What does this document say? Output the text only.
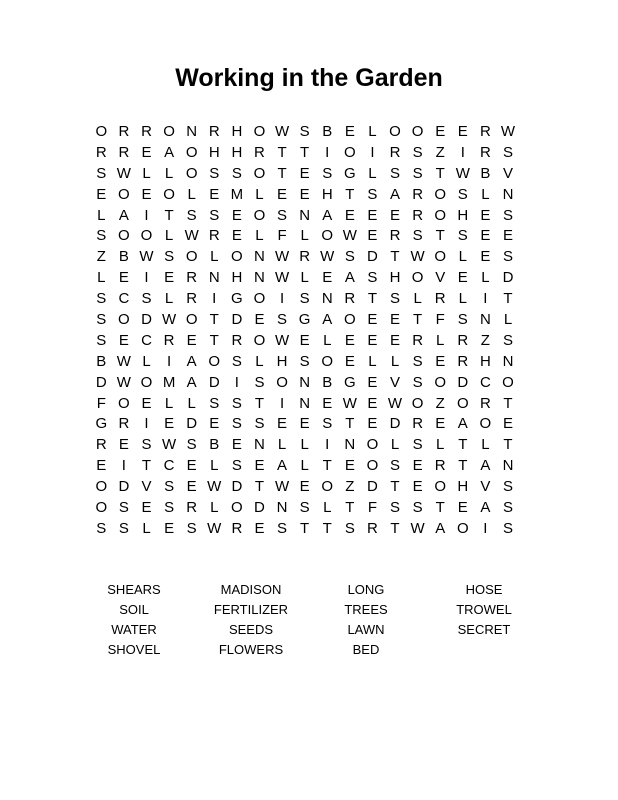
Working in the Garden
O R R O N R H O W S B E L O O E E R W
R R E A O H H R T T	I O I	R S Z	I	R S
S W L L O S S O T E S G L S S T W B V
E O E O L E M L E E H T S A R O S L N
L A	I	T S S E O S N A E E E R O H E S
S O O L W R E L F L O W E R S T S E E
Z B W S O L O N W R W S D T W O L E S
L E	I	E R N H N W L E A S H O V E L D
S C S L R	I G O I	S N R T S L R L	I	T
S O D W O T D E S G A O E E T F S N L
S E C R E T R O W E L E E E R L R Z S
B W L	I	A O S L H S O E L L S E R H N
D W O M A D	I	S O N B G E V S O D C O
F O E L L S S T	I	N E W E W O Z O R T
G R	I	E D E S S E E S T E D R E A O E
R E S W S B E N L L	I	N O L S L T L T
E	I	T C E L S E A L T E O S E R T A N
O D V S E W D T W E O Z D T E O H V S
O S E S R L O D N S L T F S S T E A S
S S L E S W R E S T T S R T W A O I	S
SHEARS	MADISON	LONG	HOSE
SOIL	FERTILIZER	TREES	TROWEL
WATER	SEEDS	LAWN	SECRET
SHOVEL	FLOWERS	BED
